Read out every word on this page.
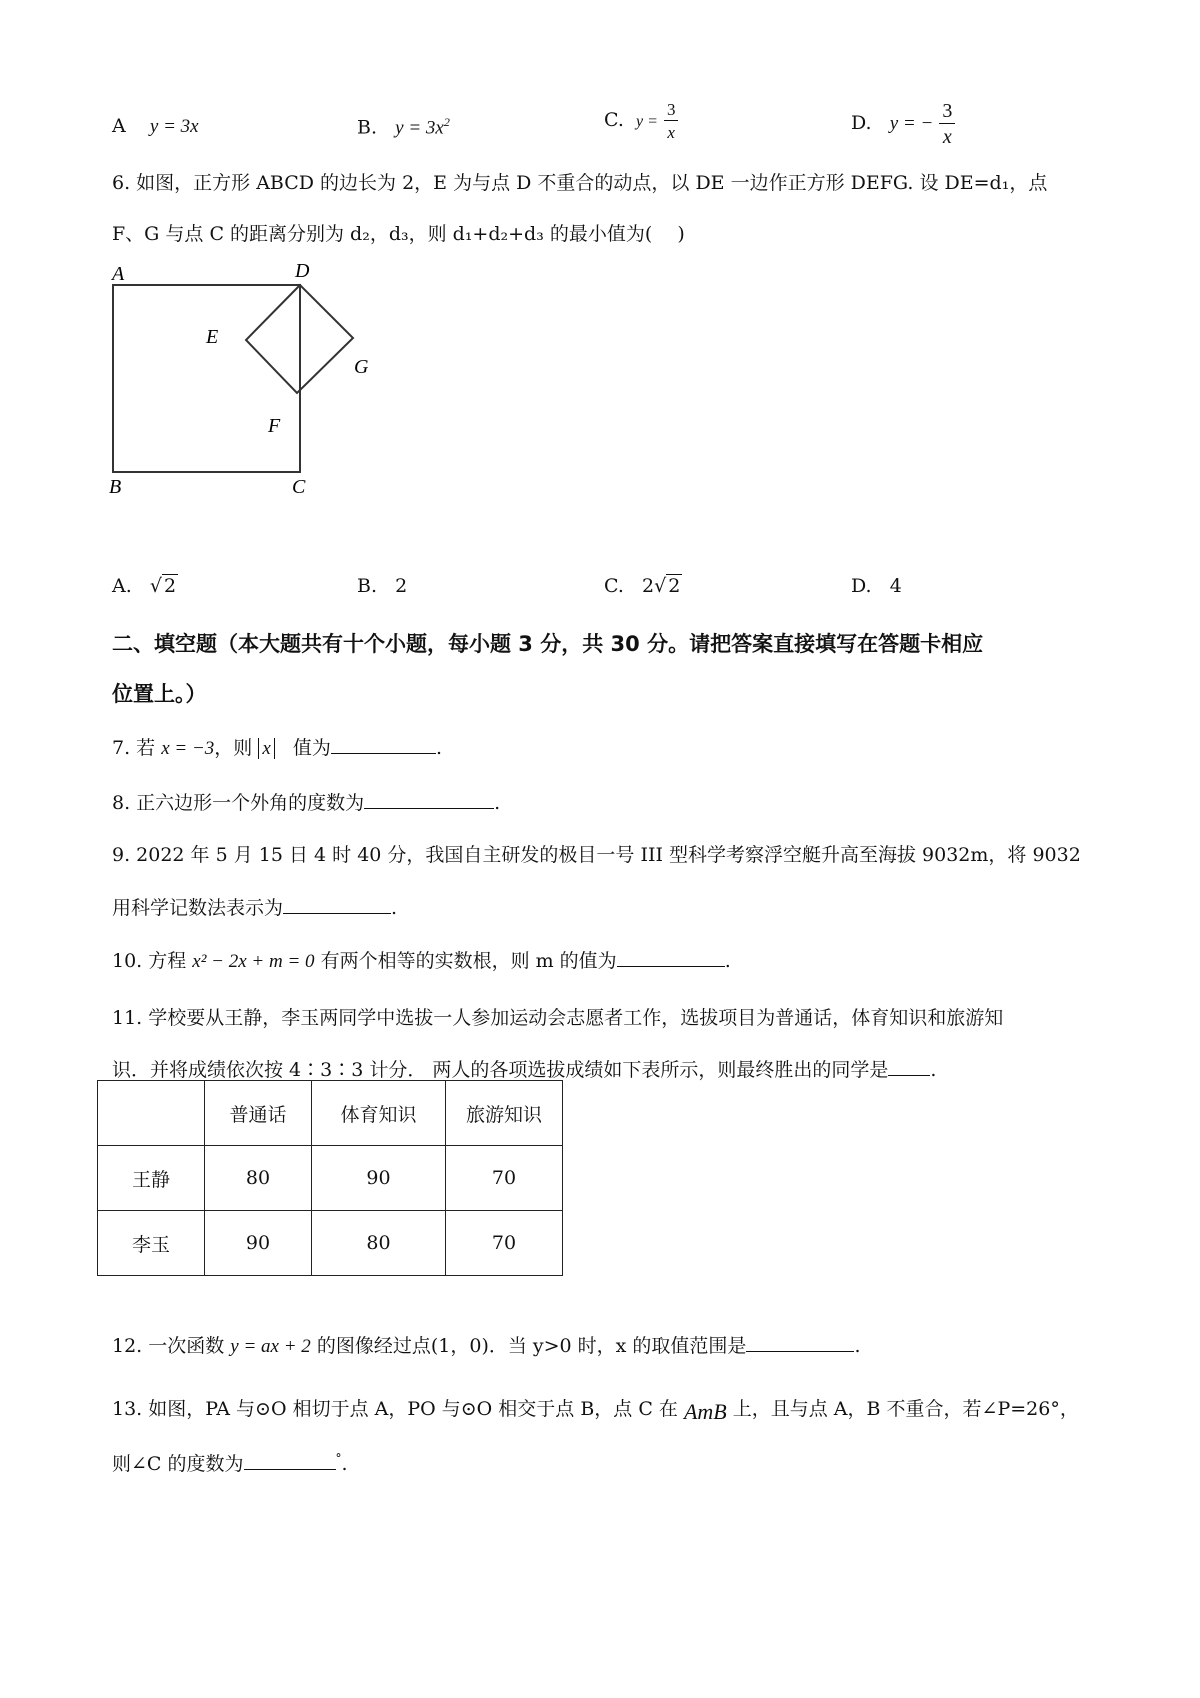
A y = 3x	B. $y = 3x^2$	C. $y = \frac{3}{x}$	D. y = − $\frac{3}{x}$
6. 如图，正方形 ABCD 的边长为 2，E 为与点 D 不重合的动点，以 DE 一边作正方形 DEFG. 设 DE=d₁，点
F、G 与点 C 的距离分别为 d₂，d₃，则 d₁+d₂+d₃ 的最小值为(　 )
A	D
E
G
F
B	C
A. √ 2	B. 2	C. 2√ 2	D. 4
二、填空题（本大题共有十个小题，每小题 3 分，共 30 分。请把答案直接填写在答题卡相应
位置上。）
7. 若 x = −3，则 x 值为	.
8. 正六边形一个外角的度数为	.
9. 2022 年 5 月 15 日 4 时 40 分，我国自主研发的极目一号 III 型科学考察浮空艇升高至海拔 9032m，将 9032
用科学记数法表示为	.
10. 方程 x² − 2x + m = 0 有两个相等的实数根，则 m 的值为	.
11. 学校要从王静，李玉两同学中选拔一人参加运动会志愿者工作，选拔项目为普通话，体育知识和旅游知
识．并将成绩依次按 4∶3∶3 计分． 两人的各项选拔成绩如下表所示，则最终胜出的同学是 .
	普通话	体育知识	旅游知识
王静	80	90	70
李玉	90	80	70
12. 一次函数 y = ax + 2 的图像经过点(1，0)．当 y>0 时，x 的取值范围是	.
13. 如图，PA 与⊙O 相切于点 A，PO 与⊙O 相交于点 B，点 C 在 AmB 上，且与点 A，B 不重合，若∠P=26°，
则∠C 的度数为	°.
